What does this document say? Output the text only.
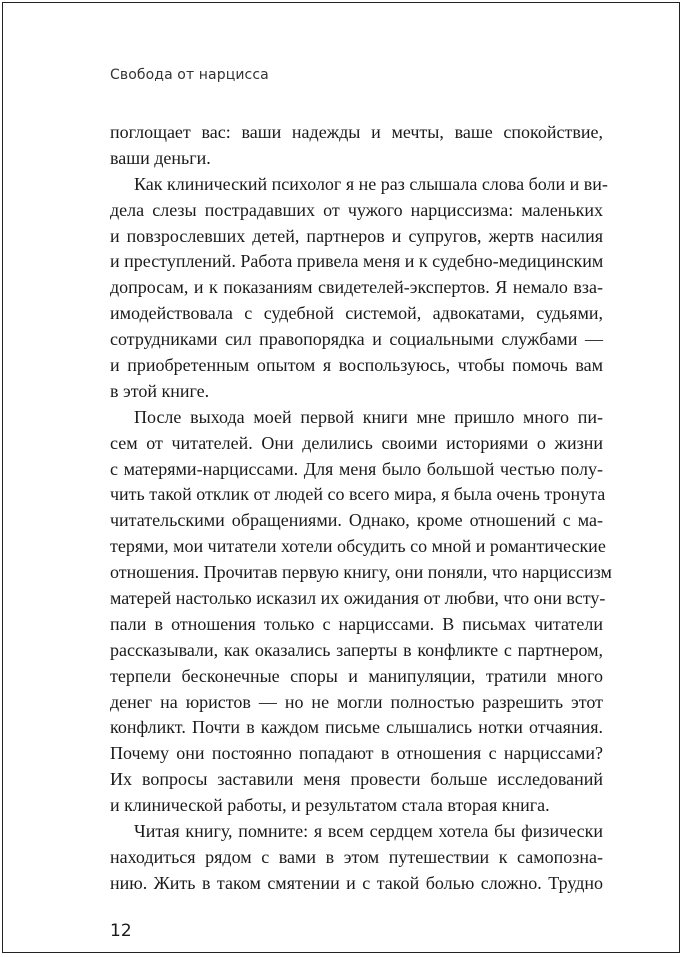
Свобода от нарцисса
поглощает вас: ваши надежды и мечты, ваше спокойствие,
ваши деньги.
Как клинический психолог я не раз слышала слова боли и ви-
дела слезы пострадавших от чужого нарциссизма: маленьких
и повзрослевших детей, партнеров и супругов, жертв насилия
и преступлений. Работа привела меня и к судебно-медицинским
допросам, и к показаниям свидетелей-экспертов. Я немало вза-
имодействовала с судебной системой, адвокатами, судьями,
сотрудниками сил правопорядка и социальными службами —
и приобретенным опытом я воспользуюсь, чтобы помочь вам
в этой книге.
После выхода моей первой книги мне пришло много пи-
сем от читателей. Они делились своими историями о жизни
с матерями-нарциссами. Для меня было большой честью полу-
чить такой отклик от людей со всего мира, я была очень тронута
читательскими обращениями. Однако, кроме отношений с ма-
терями, мои читатели хотели обсудить со мной и романтические
отношения. Прочитав первую книгу, они поняли, что нарциссизм
матерей настолько исказил их ожидания от любви, что они всту-
пали в отношения только с нарциссами. В письмах читатели
рассказывали, как оказались заперты в конфликте с партнером,
терпели бесконечные споры и манипуляции, тратили много
денег на юристов — но не могли полностью разрешить этот
конфликт. Почти в каждом письме слышались нотки отчаяния.
Почему они постоянно попадают в отношения с нарциссами?
Их вопросы заставили меня провести больше исследований
и клинической работы, и результатом стала вторая книга.
Читая книгу, помните: я всем сердцем хотела бы физически
находиться рядом с вами в этом путешествии к самопозна-
нию. Жить в таком смятении и с такой болью сложно. Трудно
12
